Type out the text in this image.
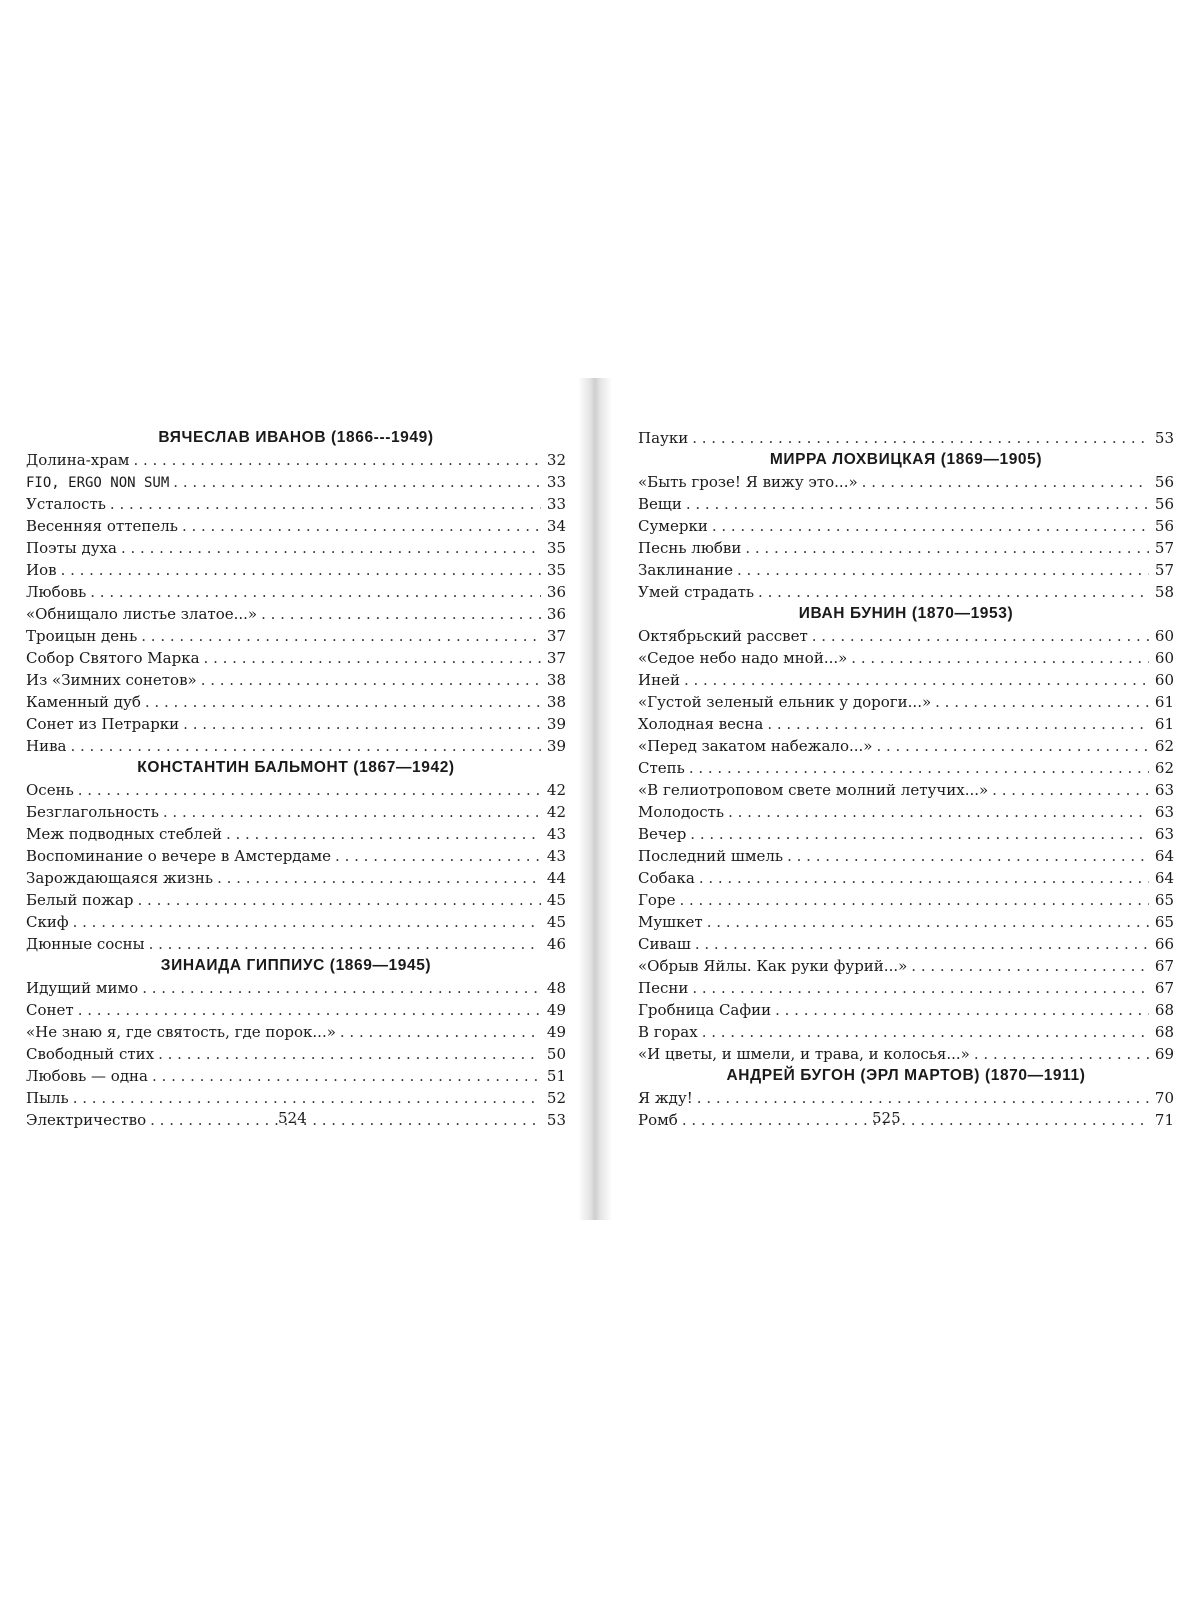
ВЯЧЕСЛАВ ИВАНОВ (1866---1949)
Долина-храм . . .	32
FIO, ERGO NON SUM . . .	33
Усталость . . .	33
Весенняя оттепель . . .	34
Поэты духа . . .	35
Иов . . .	35
Любовь . . .	36
«Обнищало листье златое...» . . .	36
Троицын день . . .	37
Собор Святого Марка . . .	37
Из «Зимних сонетов» . . .	38
Каменный дуб . . .	38
Сонет из Петрарки . . .	39
Нива . . .	39
КОНСТАНТИН БАЛЬМОНТ (1867—1942)
Осень . . .	42
Безглагольность . . .	42
Меж подводных стеблей . . .	43
Воспоминание о вечере в Амстердаме . . .	43
Зарождающаяся жизнь . . .	44
Белый пожар . . .	45
Скиф . . .	45
Дюнные сосны . . .	46
ЗИНАИДА ГИППИУС (1869—1945)
Идущий мимо . . .	48
Сонет . . .	49
«Не знаю я, где святость, где порок...» . . .	49
Свободный стих . . .	50
Любовь — одна . . .	51
Пыль . . .	52
Электричество . . .	53
524
Пауки . . .	53
МИРРА ЛОХВИЦКАЯ (1869—1905)
«Быть грозе! Я вижу это...» . . .	56
Вещи . . .	56
Сумерки . . .	56
Песнь любви . . .	57
Заклинание . . .	57
Умей страдать . . .	58
ИВАН БУНИН (1870—1953)
Октябрьский рассвет . . .	60
«Седое небо надо мной...» . . .	60
Иней . . .	60
«Густой зеленый ельник у дороги...» . . .	61
Холодная весна . . .	61
«Перед закатом набежало...» . . .	62
Степь . . .	62
«В гелиотроповом свете молний летучих...» . . .	63
Молодость . . .	63
Вечер . . .	63
Последний шмель . . .	64
Собака . . .	64
Горе . . .	65
Мушкет . . .	65
Сиваш . . .	66
«Обрыв Яйлы. Как руки фурий...» . . .	67
Песни . . .	67
Гробница Сафии . . .	68
В горах . . .	68
«И цветы, и шмели, и трава, и колосья...» . . .	69
АНДРЕЙ БУГОН (ЭРЛ МАРТОВ) (1870—1911)
Я жду! . . .	70
Ромб . . .	71
525
